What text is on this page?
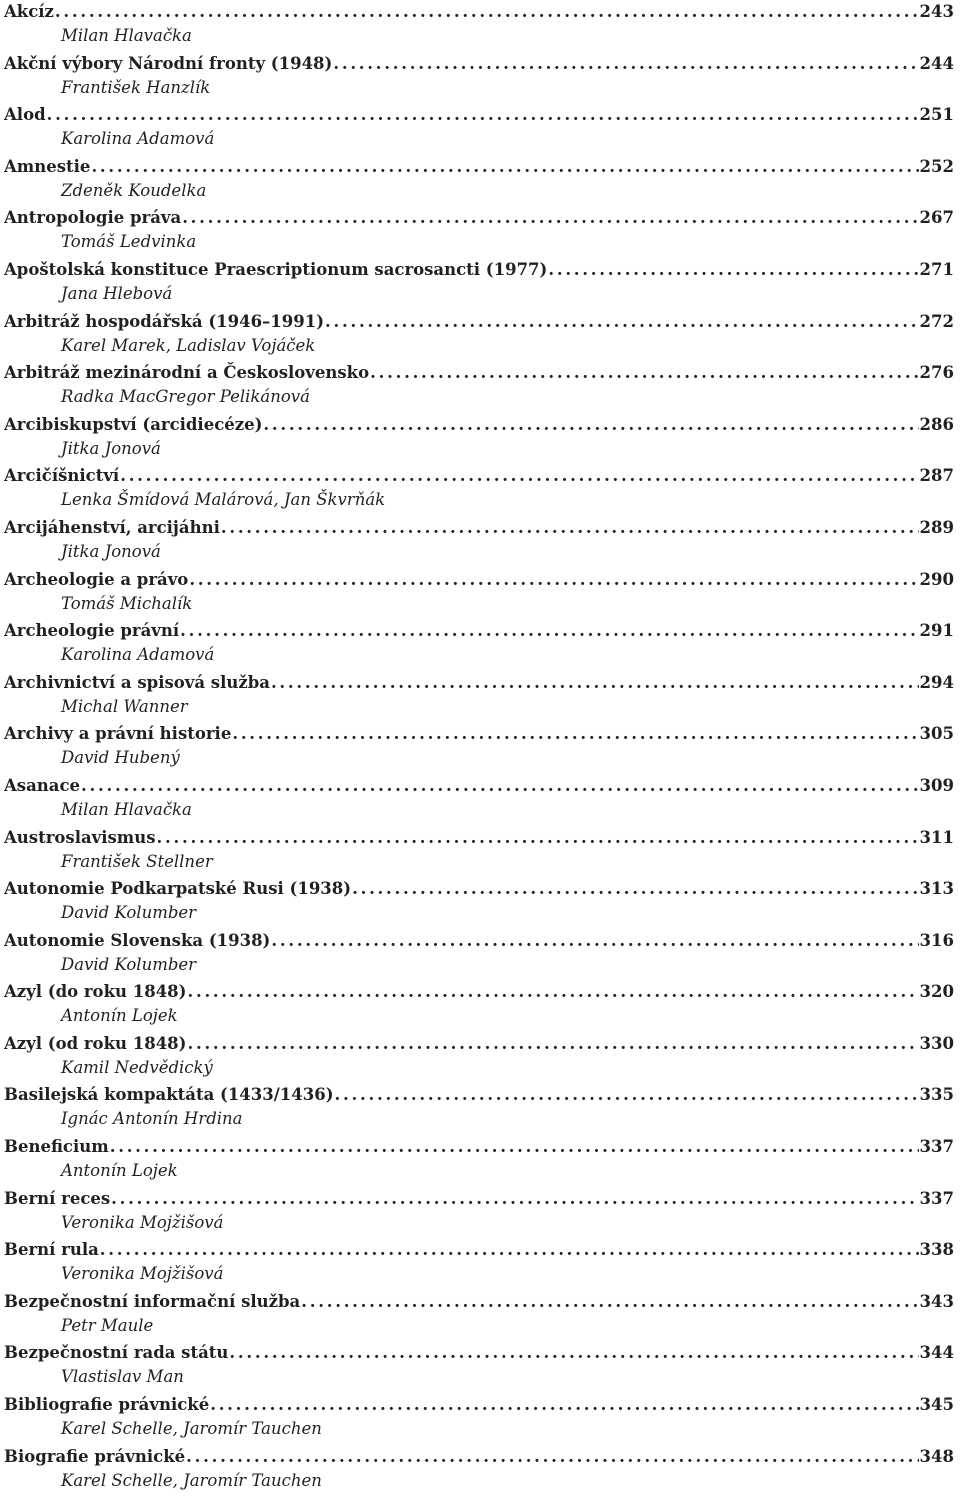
Akcíz . . .	243
Milan Hlavačka
Akční výbory Národní fronty (1948) . . .	244
František Hanzlík
Alod . . .	251
Karolina Adamová
Amnestie . . .	252
Zdeněk Koudelka
Antropologie práva . . .	267
Tomáš Ledvinka
Apoštolská konstituce Praescriptionum sacrosancti (1977) . . .	271
Jana Hlebová
Arbitráž hospodářská (1946–1991) . . .	272
Karel Marek, Ladislav Vojáček
Arbitráž mezinárodní a Československo . . .	276
Radka MacGregor Pelikánová
Arcibiskupství (arcidiecéze) . . .	286
Jitka Jonová
Arcičíšnictví . . .	287
Lenka Šmídová Malárová, Jan Škvrňák
Arcijáhenství, arcijáhni . . .	289
Jitka Jonová
Archeologie a právo . . .	290
Tomáš Michalík
Archeologie právní . . .	291
Karolina Adamová
Archivnictví a spisová služba . . .	294
Michal Wanner
Archivy a právní historie . . .	305
David Hubený
Asanace . . .	309
Milan Hlavačka
Austroslavismus . . .	311
František Stellner
Autonomie Podkarpatské Rusi (1938) . . .	313
David Kolumber
Autonomie Slovenska (1938) . . .	316
David Kolumber
Azyl (do roku 1848) . . .	320
Antonín Lojek
Azyl (od roku 1848) . . .	330
Kamil Nedvědický
Basilejská kompaktáta (1433/1436) . . .	335
Ignác Antonín Hrdina
Beneficium . . .	337
Antonín Lojek
Berní reces . . .	337
Veronika Mojžišová
Berní rula . . .	338
Veronika Mojžišová
Bezpečnostní informační služba . . .	343
Petr Maule
Bezpečnostní rada státu . . .	344
Vlastislav Man
Bibliografie právnické . . .	345
Karel Schelle, Jaromír Tauchen
Biografie právnické . . .	348
Karel Schelle, Jaromír Tauchen
